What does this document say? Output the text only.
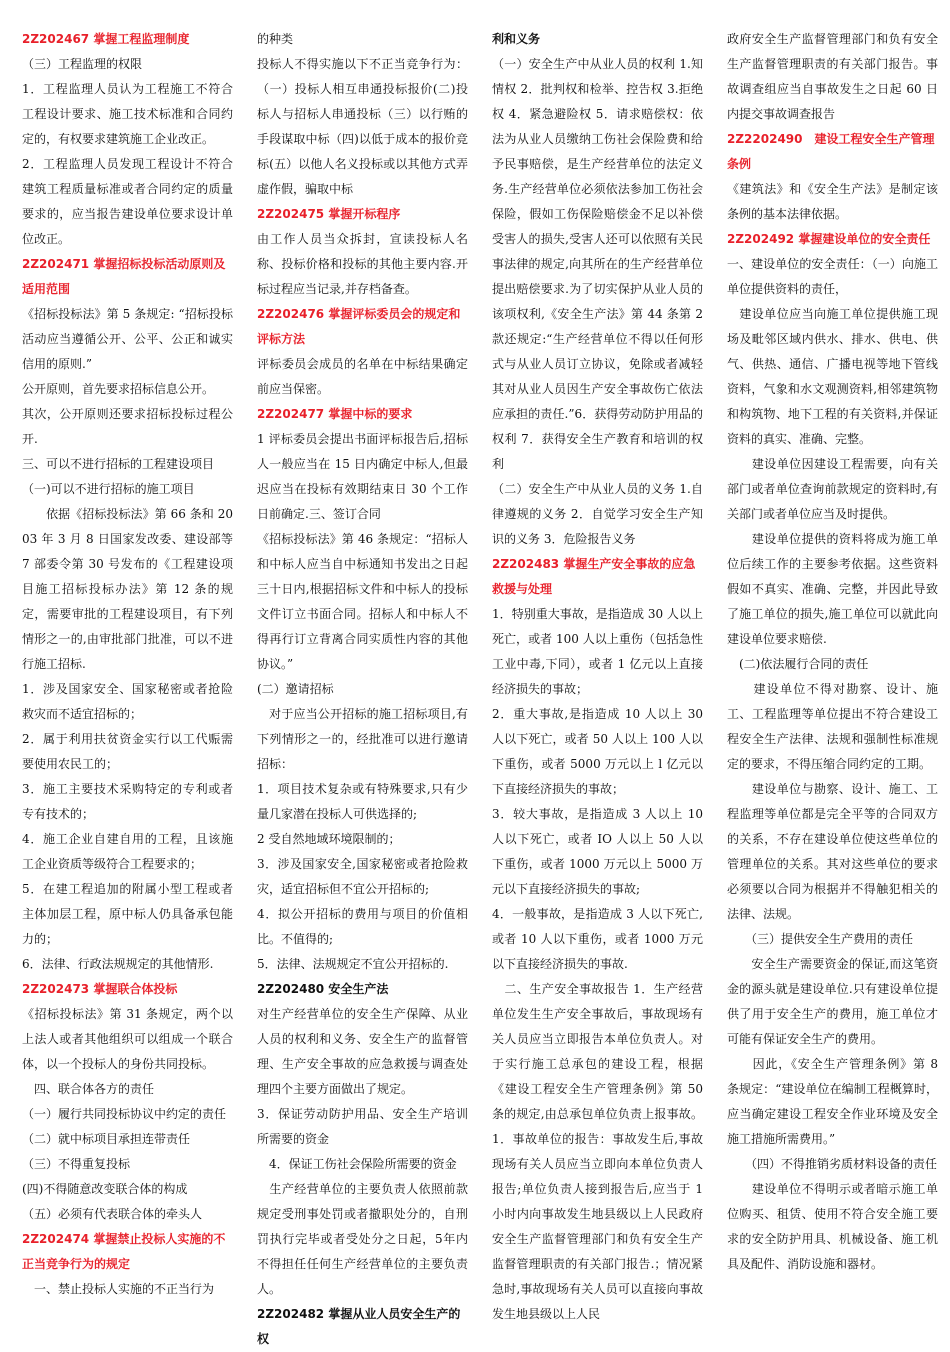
2Z202467 掌握工程监理制度

（三）工程监理的权限

1．工程监理人员认为工程施工不符合工程设计要求、施工技术标准和合同约定的，有权要求建筑施工企业改正。

2．工程监理人员发现工程设计不符合建筑工程质量标准或者合同约定的质量要求的，应当报告建设单位要求设计单位改正。

2Z202471 掌握招标投标活动原则及适用范围

《招标投标法》第 5 条规定: “招标投标活动应当遵循公开、公平、公正和诚实信用的原则.”

公开原则，首先要求招标信息公开。

其次，公开原则还要求招标投标过程公开.

三、可以不进行招标的工程建设项目

（一)可以不进行招标的施工项目

　　依据《招标投标法》第 66 条和 2003 年 3 月 8 日国家发改委、建设部等 7 部委令第 30 号发布的《工程建设项目施工招标投标办法》第 12 条的规定，需要审批的工程建设项目，有下列情形之一的,由审批部门批准，可以不进行施工招标.

1．涉及国家安全、国家秘密或者抢险救灾而不适宜招标的；

2．属于利用扶贫资金实行以工代赈需要使用农民工的；

3．施工主要技术采购特定的专利或者专有技术的；

4．施工企业自建自用的工程，且该施工企业资质等级符合工程要求的；

5．在建工程追加的附属小型工程或者主体加层工程，原中标人仍具备承包能力的；

6．法律、行政法规规定的其他情形.

2Z202473 掌握联合体投标

《招标投标法》第 31 条规定，两个以上法人或者其他组织可以组成一个联合体，以一个投标人的身份共同投标。

　四、联合体各方的责任

（一）履行共同投标协议中约定的责任

（二）就中标项目承担连带责任

（三）不得重复投标

(四)不得随意改变联合体的构成

（五）必须有代表联合体的牵头人

2Z202474 掌握禁止投标人实施的不正当竞争行为的规定

　一、禁止投标人实施的不正当行为

的种类

投标人不得实施以下不正当竞争行为：（一）投标人相互串通投标报价(二)投标人与招标人串通投标（三）以行贿的手段谋取中标（四)以低于成本的报价竞标(五）以他人名义投标或以其他方式弄虚作假，骗取中标

2Z202475 掌握开标程序

由工作人员当众拆封，宣读投标人名称、投标价格和投标的其他主要内容.开标过程应当记录,并存档备查。

2Z202476 掌握评标委员会的规定和评标方法

评标委员会成员的名单在中标结果确定前应当保密。

2Z202477 掌握中标的要求

1 评标委员会提出书面评标报告后,招标人一般应当在 15 日内确定中标人,但最迟应当在投标有效期结束日 30 个工作日前确定.三、签订合同

《招标投标法》第 46 条规定：“招标人和中标人应当自中标通知书发出之日起三十日内,根据招标文件和中标人的投标文件订立书面合同。招标人和中标人不得再行订立背离合同实质性内容的其他协议。”

(二）邀请招标

　对于应当公开招标的施工招标项目,有下列情形之一的，经批准可以进行邀请招标：

1．项目技术复杂或有特殊要求,只有少量几家潜在投标人可供选择的;

2 受自然地域环境限制的；

3．涉及国家安全,国家秘密或者抢险救灾，适宜招标但不宜公开招标的;

4．拟公开招标的费用与项目的价值相比。不值得的;

5．法律、法规规定不宜公开招标的.

2Z202480 安全生产法

对生产经营单位的安全生产保障、从业人员的权利和义务、安全生产的监督管理、生产安全事故的应急救援与调查处理四个主要方面做出了规定。

3．保证劳动防护用品、安全生产培训所需要的资金

　4．保证工伤社会保险所需要的资金

　生产经营单位的主要负责人依照前款规定受刑事处罚或者撤职处分的，自刑罚执行完毕或者受处分之日起，5年内不得担任任何生产经营单位的主要负责人。

2Z202482 掌握从业人员安全生产的权

利和义务

（一）安全生产中从业人员的权利 1.知情权 2．批判权和检举、控告权 3.拒绝权 4．紧急避险权 5．请求赔偿权：依法为从业人员缴纳工伤社会保险费和给予民事赔偿，是生产经营单位的法定义务.生产经营单位必须依法参加工伤社会保险，假如工伤保险赔偿金不足以补偿受害人的损失,受害人还可以依照有关民事法律的规定,向其所在的生产经营单位提出赔偿要求.为了切实保护从业人员的该项权利,《安全生产法》第 44 条第 2 款还规定:“生产经营单位不得以任何形式与从业人员订立协议，免除或者减轻其对从业人员因生产安全事故伤亡依法应承担的责任.”6．获得劳动防护用品的权利 7．获得安全生产教育和培训的权利

（二）安全生产中从业人员的义务 1.自律遵规的义务 2．自觉学习安全生产知识的义务 3．危险报告义务

2Z202483 掌握生产安全事故的应急救援与处理

1．特别重大事故，是指造成 30 人以上死亡，或者 100 人以上重伤（包括急性工业中毒,下同），或者 1 亿元以上直接经济损失的事故；

2．重大事故,是指造成 10 人以上 30 人以下死亡，或者 50 人以上 100 人以下重伤，或者 5000 万元以上 l 亿元以下直接经济损失的事故；

3．较大事故，是指造成 3 人以上 10 人以下死亡，或者 IO 人以上 50 人以下重伤，或者 1000 万元以上 5000 万元以下直接经济损失的事故;

4．一般事故，是指造成 3 人以下死亡,或者 10 人以下重伤，或者 1000 万元以下直接经济损失的事故.

　二、生产安全事故报告 1．生产经营单位发生生产安全事故后，事故现场有关人员应当立即报告本单位负责人。对于实行施工总承包的建设工程，根据《建设工程安全生产管理条例》第 50 条的规定,由总承包单位负责上报事故。1．事故单位的报告：事故发生后,事故现场有关人员应当立即向本单位负责人报告;单位负责人接到报告后,应当于 1 小时内向事故发生地县级以上人民政府安全生产监督管理部门和负有安全生产监督管理职责的有关部门报告.；情况紧急时,事故现场有关人员可以直接向事故发生地县级以上人民

政府安全生产监督管理部门和负有安全生产监督管理职责的有关部门报告。事故调查组应当自事故发生之日起 60 日内提交事故调查报告

2Z2202490　建设工程安全生产管理条例

《建筑法》和《安全生产法》是制定该条例的基本法律依据。

2Z202492 掌握建设单位的安全责任

一、建设单位的安全责任：（一）向施工单位提供资料的责任，

　建设单位应当向施工单位提供施工现场及毗邻区域内供水、排水、供电、供气、供热、通信、广播电视等地下管线资料，气象和水文观测资料,相邻建筑物和构筑物、地下工程的有关资料,并保证资料的真实、准确、完整。

　　建设单位因建设工程需要，向有关部门或者单位查询前款规定的资料时,有关部门或者单位应当及时提供。

　　建设单位提供的资料将成为施工单位后续工作的主要参考依据。这些资料假如不真实、准确、完整，并因此导致了施工单位的损失,施工单位可以就此向建设单位要求赔偿.

　(二)依法履行合同的责任

　　建设单位不得对勘察、设计、施工、工程监理等单位提出不符合建设工程安全生产法律、法规和强制性标准规定的要求，不得压缩合同约定的工期。

　　建设单位与勘察、设计、施工、工程监理等单位都是完全平等的合同双方的关系，不存在建设单位使这些单位的管理单位的关系。其对这些单位的要求必须要以合同为根据并不得触犯相关的法律、法规。

　　（三）提供安全生产费用的责任

　　安全生产需要资金的保证,而这笔资金的源头就是建设单位.只有建设单位提供了用于安全生产的费用，施工单位才可能有保证安全生产的费用。

　　因此，《安全生产管理条例》第 8 条规定：“建设单位在编制工程概算时，应当确定建设工程安全作业环境及安全施工措施所需费用。”

　　（四）不得推销劣质材料设备的责任

　　建设单位不得明示或者暗示施工单位购买、租赁、使用不符合安全施工要求的安全防护用具、机械设备、施工机具及配件、消防设施和器材。
